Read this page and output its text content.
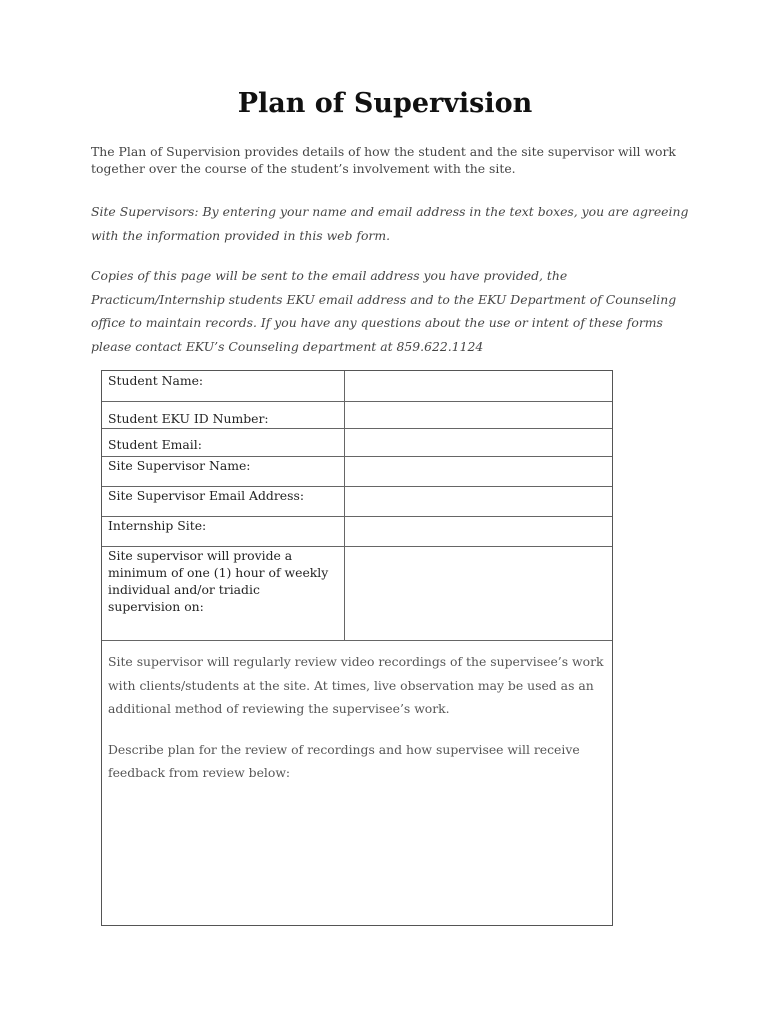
Plan of Supervision
The Plan of Supervision provides details of how the student and the site supervisor will work together over the course of the student’s involvement with the site.
Site Supervisors: By entering your name and email address in the text boxes, you are agreeing with the information provided in this web form.
Copies of this page will be sent to the email address you have provided, the Practicum/Internship students EKU email address and to the EKU Department of Counseling office to maintain records. If you have any questions about the use or intent of these forms please contact EKU’s Counseling department at 859.622.1124
Student Name:
Student EKU ID Number:
Student Email:
Site Supervisor Name:
Site Supervisor Email Address:
Internship Site:
Site supervisor will provide a minimum of one (1) hour of weekly individual and/or triadic supervision on:

Site supervisor will regularly review video recordings of the supervisee’s work with clients/students at the site. At times, live observation may be used as an additional method of reviewing the supervisee’s work.

Describe plan for the review of recordings and how supervisee will receive feedback from review below:
